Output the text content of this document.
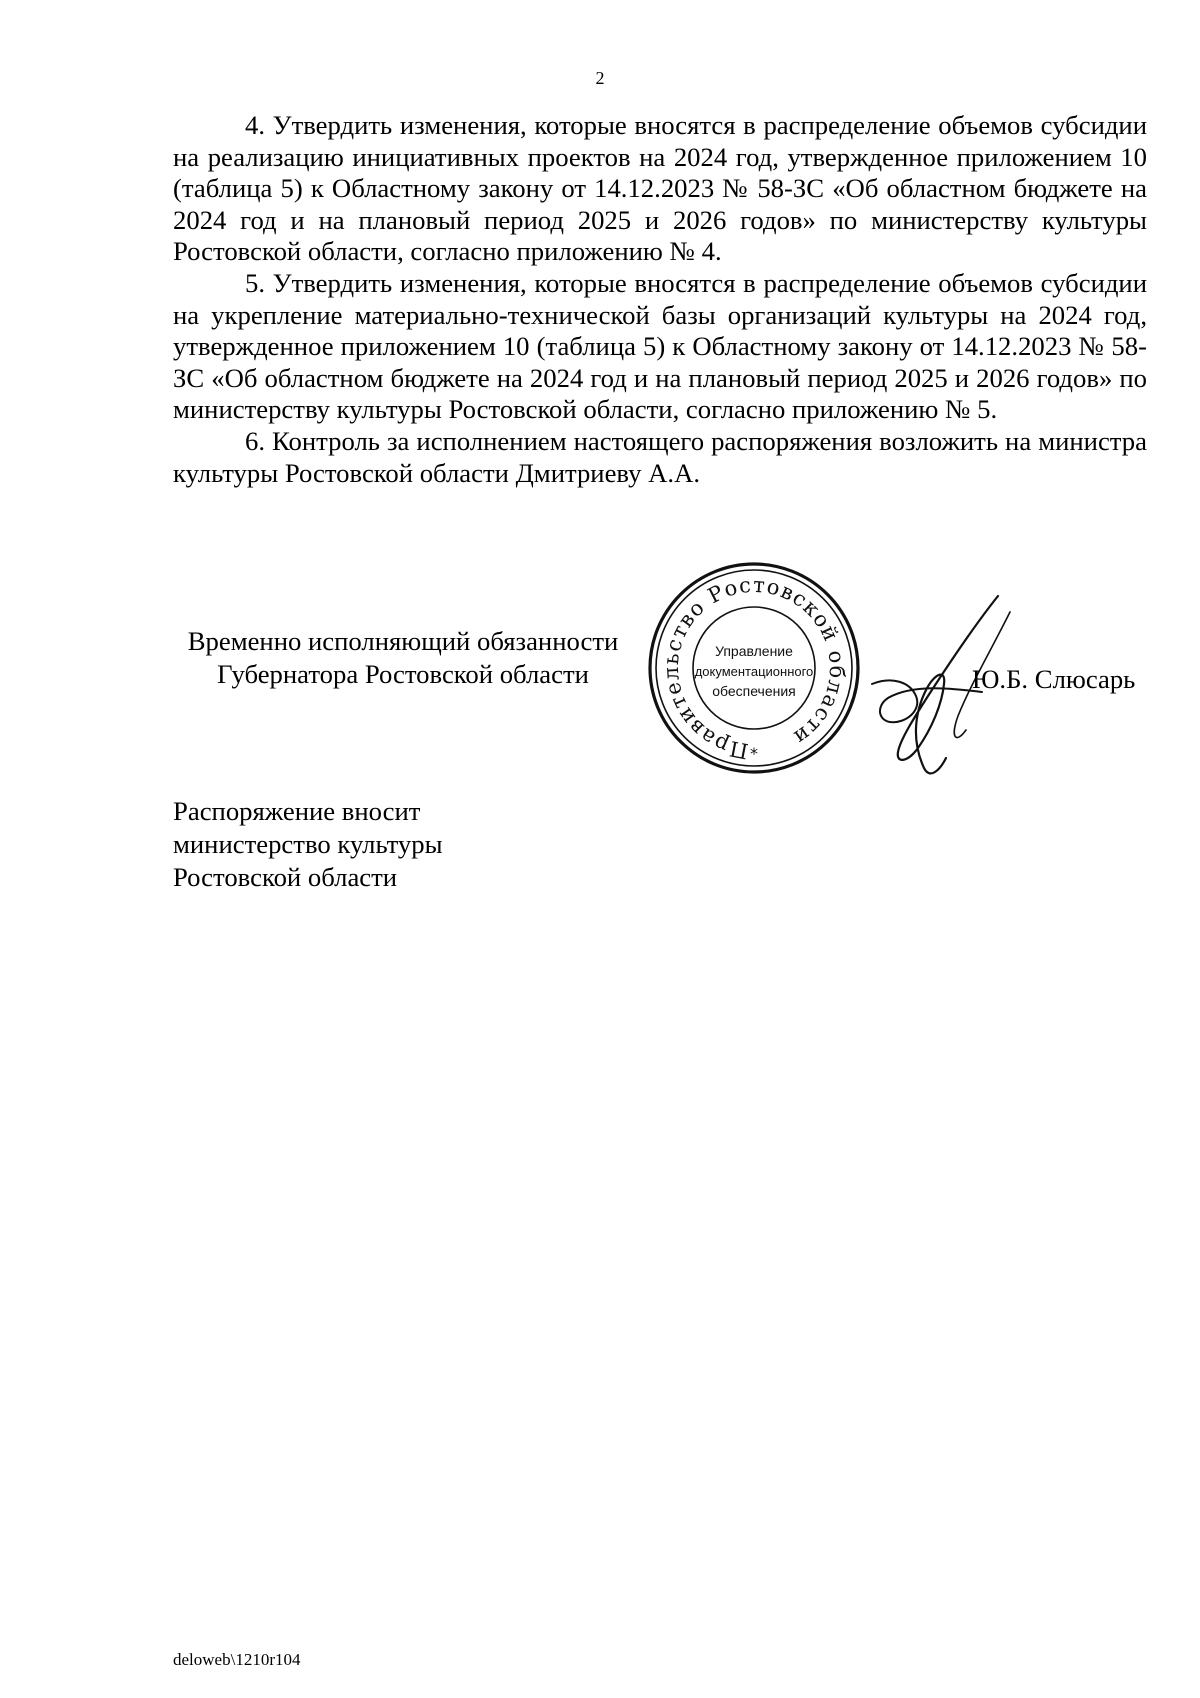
2

4. Утвердить изменения, которые вносятся в распределение объемов субсидии на реализацию инициативных проектов на 2024 год, утвержденное приложением 10 (таблица 5) к Областному закону от 14.12.2023 № 58-ЗС «Об областном бюджете на 2024 год и на плановый период 2025 и 2026 годов» по министерству культуры Ростовской области, согласно приложению № 4.

5. Утвердить изменения, которые вносятся в распределение объемов субсидии на укрепление материально-технической базы организаций культуры на 2024 год, утвержденное приложением 10 (таблица 5) к Областному закону от 14.12.2023 № 58-ЗС «Об областном бюджете на 2024 год и на плановый период 2025 и 2026 годов» по министерству культуры Ростовской области, согласно приложению № 5.

6. Контроль за исполнением настоящего распоряжения возложить на министра культуры Ростовской области Дмитриеву А.А.

Временно исполняющий обязанности
Губернатора Ростовской области
Правительство Ростовской области
Управление
документационного
обеспечения
*
Ю.Б. Слюсарь
Распоряжение вносит
министерство культуры
Ростовской области
deloweb\1210r104
